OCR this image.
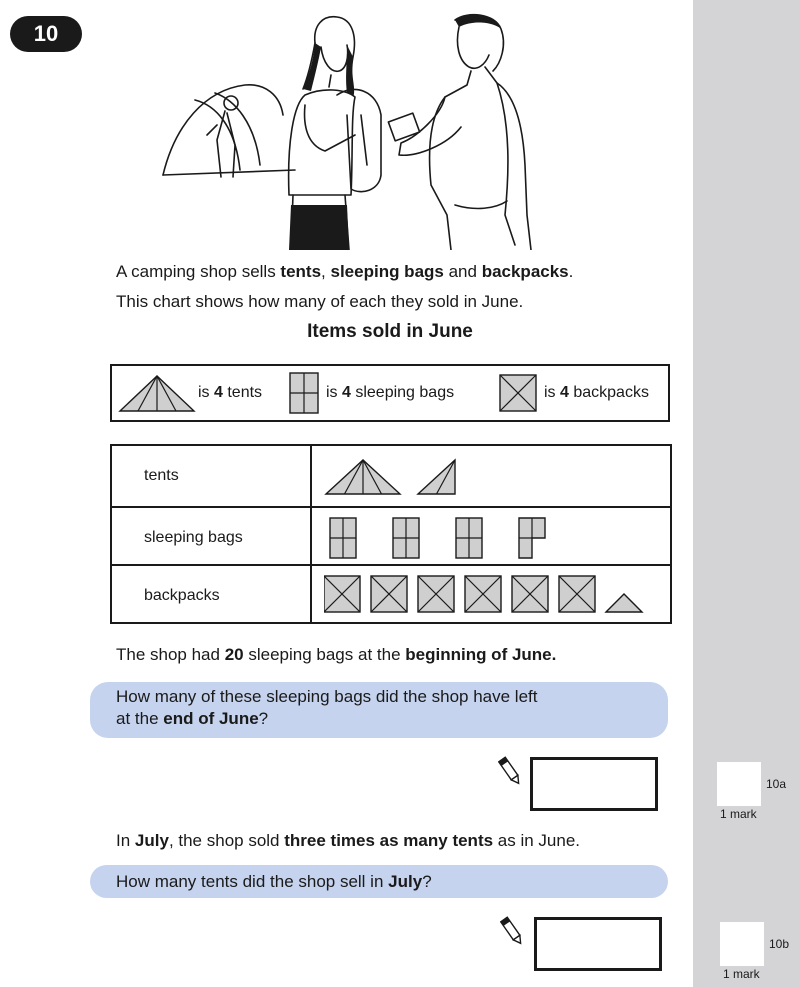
10
A camping shop sells tents, sleeping bags and backpacks.
This chart shows how many of each they sold in June.
Items sold in June
is 4 tents	is 4 sleeping bags	is 4 backpacks
tents
sleeping bags
backpacks
The shop had 20 sleeping bags at the beginning of June.
How many of these sleeping bags did the shop have left
at the end of June?
10a
1 mark
In July, the shop sold three times as many tents as in June.
How many tents did the shop sell in July?
10b
1 mark
